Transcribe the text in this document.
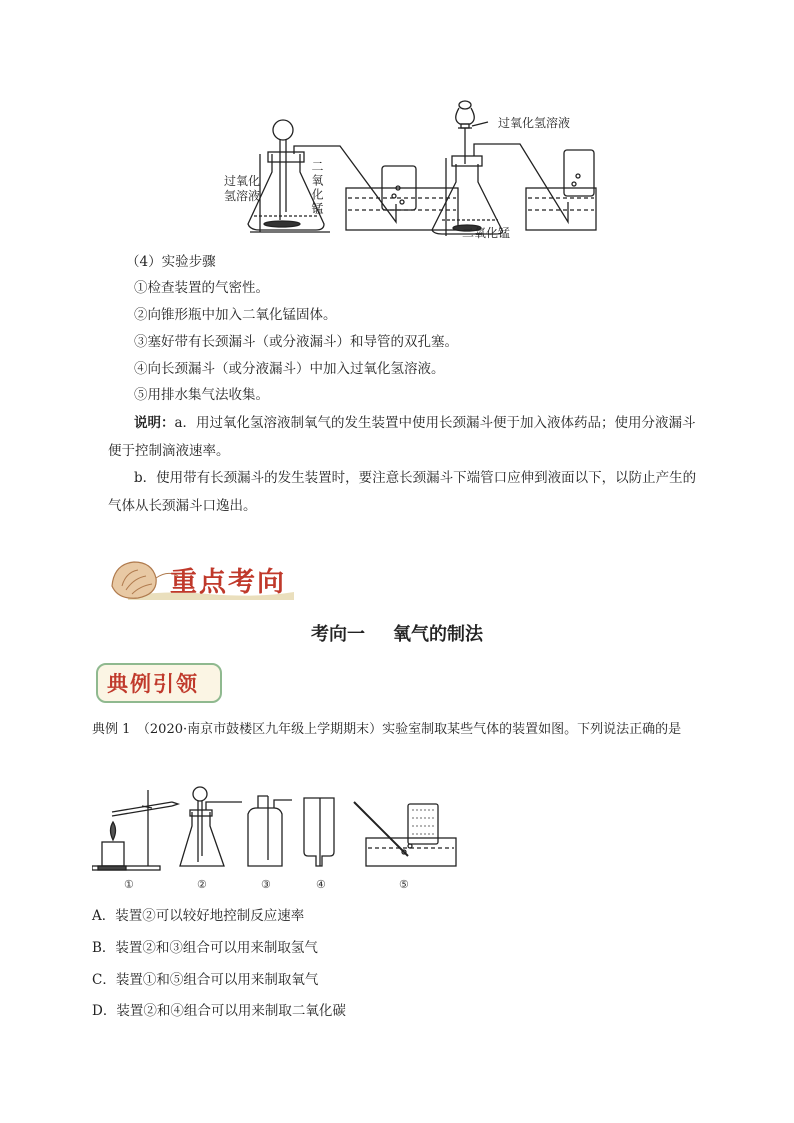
过氧化氢溶液	二氧化锰
过氧化氢溶液
二氧化锰
（4）实验步骤
①检查装置的气密性。
②向锥形瓶中加入二氧化锰固体。
③塞好带有长颈漏斗（或分液漏斗）和导管的双孔塞。
④向长颈漏斗（或分液漏斗）中加入过氧化氢溶液。
⑤用排水集气法收集。
说明：a．用过氧化氢溶液制氧气的发生装置中使用长颈漏斗便于加入液体药品；使用分液漏斗便于控制滴液速率。
b．使用带有长颈漏斗的发生装置时，要注意长颈漏斗下端管口应伸到液面以下，以防止产生的气体从长颈漏斗口逸出。
重点考向
考向一 氧气的制法
典例引领
典例 1　（2020·南京市鼓楼区九年级上学期期末）实验室制取某些气体的装置如图。下列说法正确的是
①	②	③	④	⑤
A．装置②可以较好地控制反应速率
B．装置②和③组合可以用来制取氢气
C．装置①和⑤组合可以用来制取氧气
D．装置②和④组合可以用来制取二氧化碳
